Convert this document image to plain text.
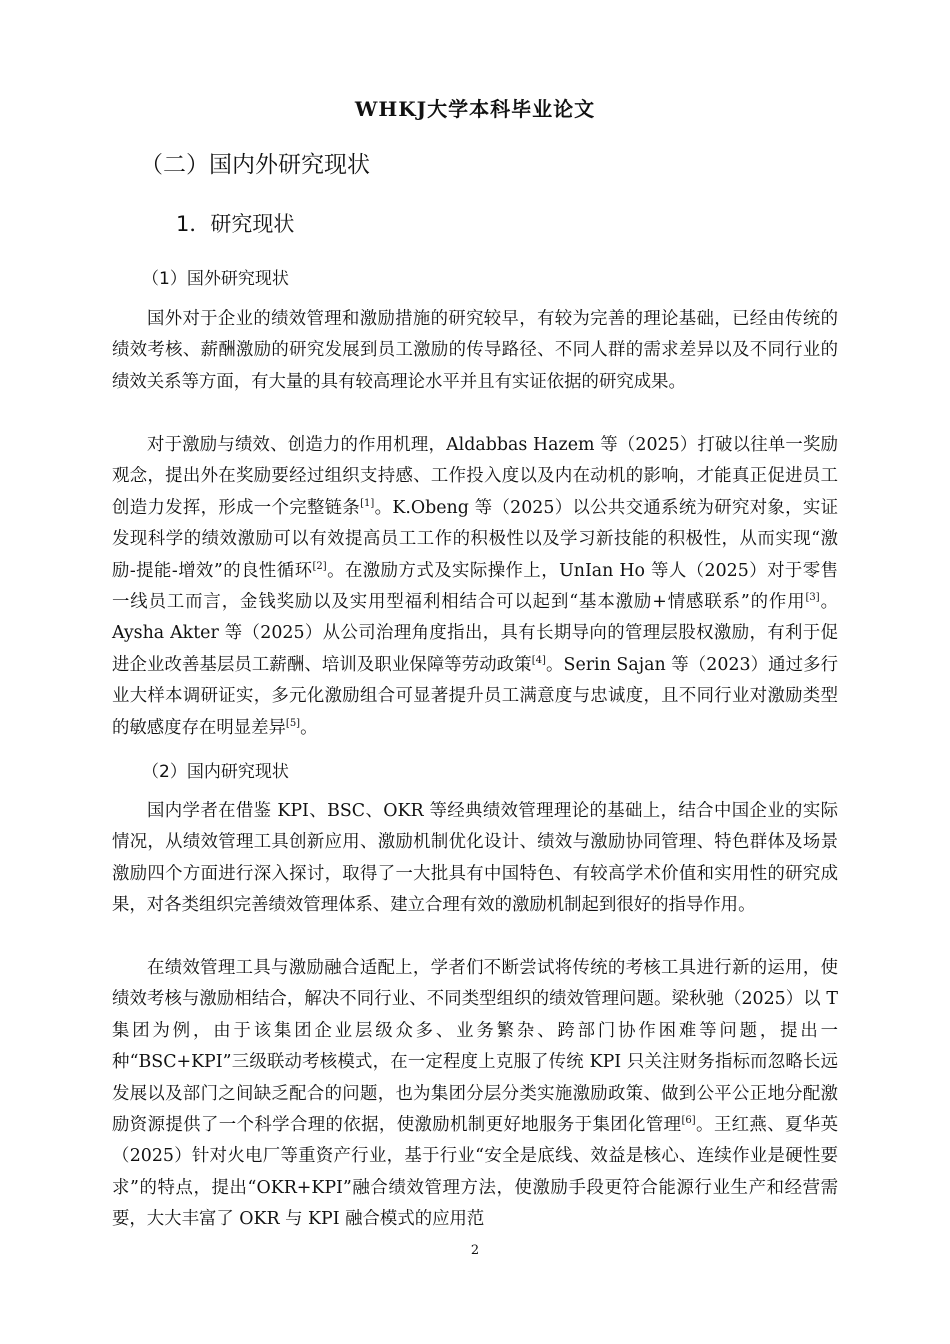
WHKJ大学本科毕业论文
（二）国内外研究现状
1．研究现状
（1）国外研究现状

国外对于企业的绩效管理和激励措施的研究较早，有较为完善的理论基础，已经由传统的绩效考核、薪酬激励的研究发展到员工激励的传导路径、不同人群的需求差异以及不同行业的绩效关系等方面，有大量的具有较高理论水平并且有实证依据的研究成果。

对于激励与绩效、创造力的作用机理，Aldabbas Hazem 等（2025）打破以往单一奖励观念，提出外在奖励要经过组织支持感、工作投入度以及内在动机的影响，才能真正促进员工创造力发挥，形成一个完整链条[1]。K.Obeng 等（2025）以公共交通系统为研究对象，实证发现科学的绩效激励可以有效提高员工工作的积极性以及学习新技能的积极性，从而实现“激励-提能-增效”的良性循环[2]。在激励方式及实际操作上，UnIan Ho 等人（2025）对于零售一线员工而言，金钱奖励以及实用型福利相结合可以起到“基本激励+情感联系”的作用[3]。Aysha Akter 等（2025）从公司治理角度指出，具有长期导向的管理层股权激励，有利于促进企业改善基层员工薪酬、培训及职业保障等劳动政策[4]。Serin Sajan 等（2023）通过多行业大样本调研证实，多元化激励组合可显著提升员工满意度与忠诚度，且不同行业对激励类型的敏感度存在明显差异[5]。

（2）国内研究现状

国内学者在借鉴 KPI、BSC、OKR 等经典绩效管理理论的基础上，结合中国企业的实际情况，从绩效管理工具创新应用、激励机制优化设计、绩效与激励协同管理、特色群体及场景激励四个方面进行深入探讨，取得了一大批具有中国特色、有较高学术价值和实用性的研究成果，对各类组织完善绩效管理体系、建立合理有效的激励机制起到很好的指导作用。

在绩效管理工具与激励融合适配上，学者们不断尝试将传统的考核工具进行新的运用，使绩效考核与激励相结合，解决不同行业、不同类型组织的绩效管理问题。梁秋驰（2025）以 T 集团为例，由于该集团企业层级众多、业务繁杂、跨部门协作困难等问题，提出一种“BSC+KPI”三级联动考核模式，在一定程度上克服了传统 KPI 只关注财务指标而忽略长远发展以及部门之间缺乏配合的问题，也为集团分层分类实施激励政策、做到公平公正地分配激励资源提供了一个科学合理的依据，使激励机制更好地服务于集团化管理[6]。王红燕、夏华英（2025）针对火电厂等重资产行业，基于行业“安全是底线、效益是核心、连续作业是硬性要求”的特点，提出“OKR+KPI”融合绩效管理方法，使激励手段更符合能源行业生产和经营需要，大大丰富了 OKR 与 KPI 融合模式的应用范

2
